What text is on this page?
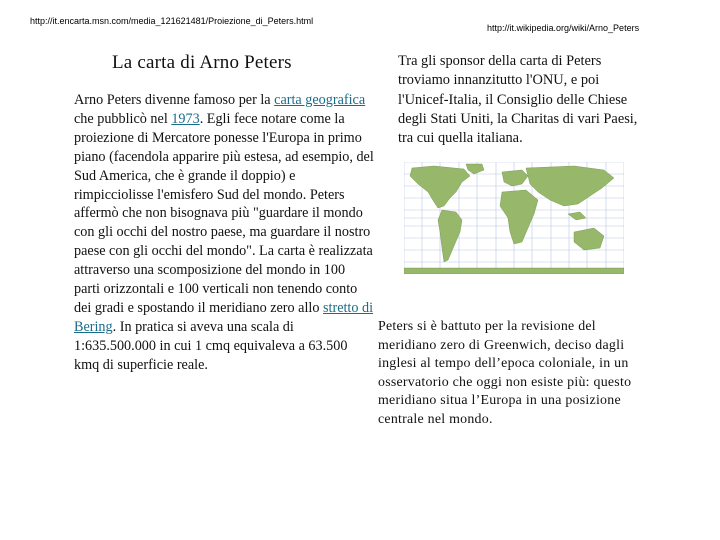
http://it.encarta.msn.com/media_121621481/Proiezione_di_Peters.html
http://it.wikipedia.org/wiki/Arno_Peters
La carta di Arno Peters
Arno Peters divenne famoso per la carta geografica che pubblicò nel 1973. Egli fece notare come la proiezione di Mercatore ponesse l'Europa in primo piano (facendola apparire più estesa, ad esempio, del Sud America, che è grande il doppio) e rimpicciolisse l'emisfero Sud del mondo. Peters affermò che non bisognava più "guardare il mondo con gli occhi del nostro paese, ma guardare il nostro paese con gli occhi del mondo". La carta è realizzata attraverso una scomposizione del mondo in 100 parti orizzontali e 100 verticali non tenendo conto dei gradi e spostando il meridiano zero allo stretto di Bering. In pratica si aveva una scala di 1:635.500.000 in cui 1 cmq equivaleva a 63.500 kmq di superficie reale.
Tra gli sponsor della carta di Peters troviamo innanzitutto l'ONU, e poi l'Unicef-Italia, il Consiglio delle Chiese degli Stati Uniti, la Charitas di vari Paesi, tra cui quella italiana.
Peters si è battuto per la revisione del meridiano zero di Greenwich, deciso dagli inglesi al tempo dell’epoca coloniale, in un osservatorio che oggi non esiste più: questo meridiano situa l’Europa in una posizione centrale nel mondo.
